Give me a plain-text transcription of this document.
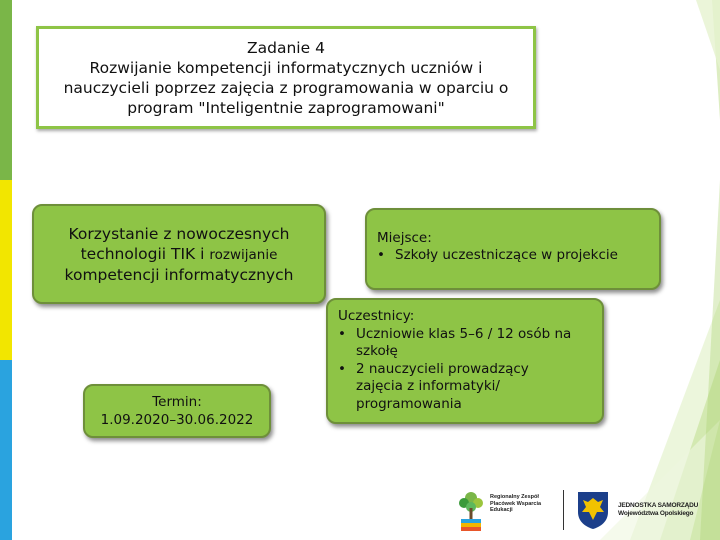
Zadanie 4
Rozwijanie kompetencji informatycznych uczniów i
nauczycieli poprzez zajęcia z programowania w oparciu o
program "Inteligentnie zaprogramowani"
Korzystanie z nowoczesnych
technologii TIK i rozwijanie
kompetencji informatycznych
Termin:
1.09.2020–30.06.2022
Miejsce:
• Szkoły uczestniczące w projekcie
Uczestnicy:
• Uczniowie klas 5–6 / 12 osób na
szkołę
• 2 nauczycieli prowadzący
zajęcia z informatyki/
programowania
Regionalny Zespół
Placówek Wsparcia
Edukacji
JEDNOSTKA SAMORZĄDU
Województwa Opolskiego
